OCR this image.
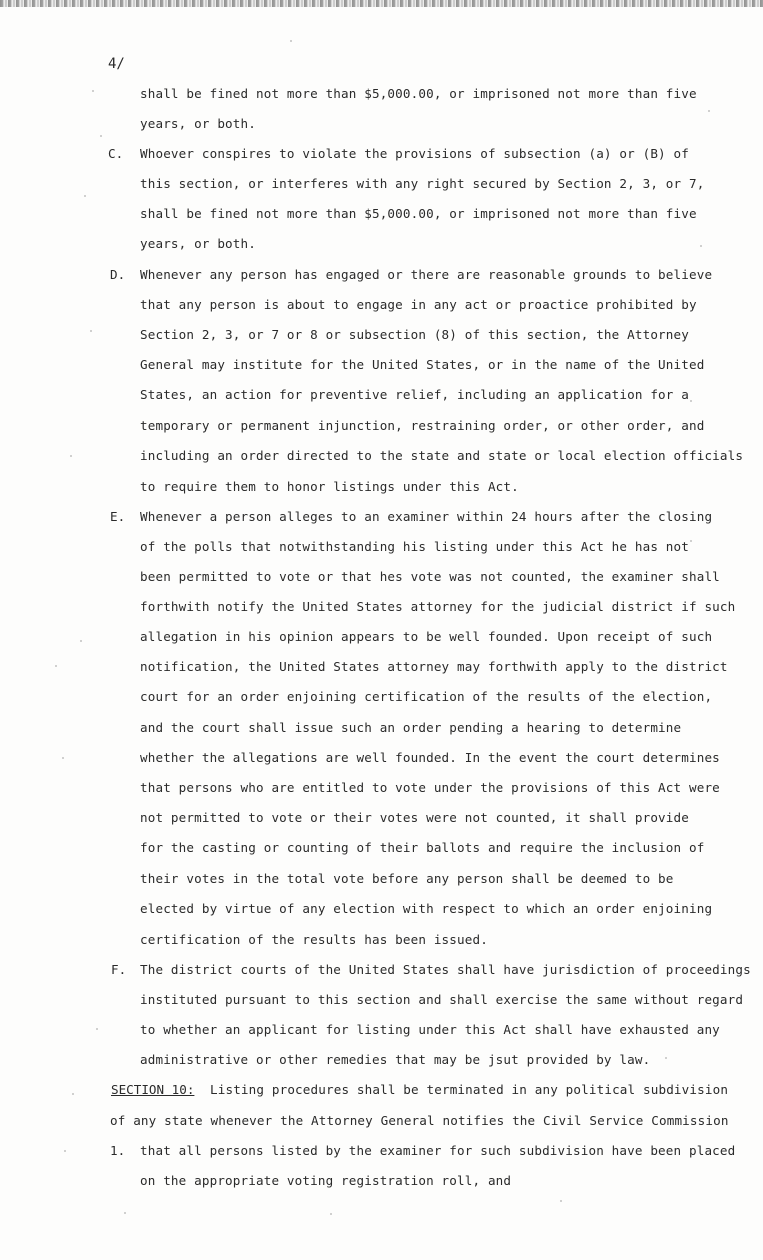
4/
C.
D.
E.
F.
SECTION 10:
1.
shall be fined not more than $5,000.00, or imprisoned not more than five
years, or both.
Whoever conspires to violate the provisions of subsection (a) or (B) of
this section, or interferes with any right secured by Section 2, 3, or 7,
shall be fined not more than $5,000.00, or imprisoned not more than five
years, or both.
Whenever any person has engaged or there are reasonable grounds to believe
that any person is about to engage in any act or proactice prohibited by
Section 2, 3, or 7 or 8 or subsection (8) of this section, the Attorney
General may institute for the United States, or in the name of the United
States, an action for preventive relief, including an application for a
temporary or permanent injunction, restraining order, or other order, and
including an order directed to the state and state or local election officials
to require them to honor listings under this Act.
Whenever a person alleges to an examiner within 24 hours after the closing
of the polls that notwithstanding his listing under this Act he has not
been permitted to vote or that hes vote was not counted, the examiner shall
forthwith notify the United States attorney for the judicial district if such
allegation in his opinion appears to be well founded. Upon receipt of such
notification, the United States attorney may forthwith apply to the district
court for an order enjoining certification of the results of the election,
and the court shall issue such an order pending a hearing to determine
whether the allegations are well founded. In the event the court determines
that persons who are entitled to vote under the provisions of this Act were
not permitted to vote or their votes were not counted, it shall provide
for the casting or counting of their ballots and require the inclusion of
their votes in the total vote before any person shall be deemed to be
elected by virtue of any election with respect to which an order enjoining
certification of the results has been issued.
The district courts of the United States shall have jurisdiction of proceedings
instituted pursuant to this section and shall exercise the same without regard
to whether an applicant for listing under this Act shall have exhausted any
administrative or other remedies that may be jsut provided by law.
Listing procedures shall be terminated in any political subdivision
of any state whenever the Attorney General notifies the Civil Service Commission
that all persons listed by the examiner for such subdivision have been placed
on the appropriate voting registration roll, and
